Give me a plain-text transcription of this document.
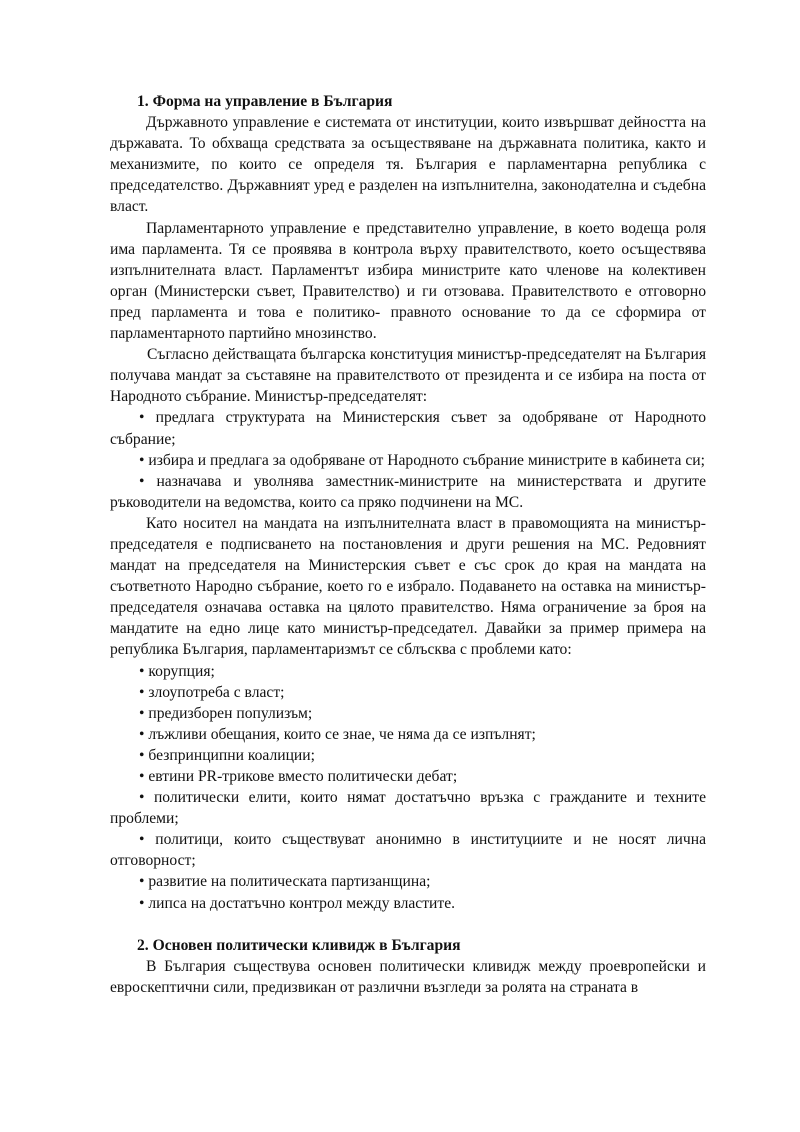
1. Форма на управление в България

Държавното управление е системата от институции, които извършват дейността на държавата. То обхваща средствата за осъществяване на държавната политика, както и механизмите, по които се определя тя. България е парламентарна република с председателство. Държавният уред е разделен на изпълнителна, законодателна и съдебна власт.

Парламентарното управление е представително управление, в което водеща роля има парламента. Тя се проявява в контрола върху правителството, което осъществява изпълнителната власт. Парламентът избира министрите като членове на колективен орган (Министерски съвет, Правителство) и ги отзовава. Правителството е отговорно пред парламента и това е политико- правното основание то да се сформира от парламентарното партийно мнозинство.

Съгласно действащата българска конституция министър-председателят на България получава мандат за съставяне на правителството от президента и се избира на поста от Народното събрание. Министър-председателят:

• предлага структурата на Министерския съвет за одобряване от Народното събрание;

• избира и предлага за одобряване от Народното събрание министрите в кабинета си;

• назначава и уволнява заместник-министрите на министерствата и другите ръководители на ведомства, които са пряко подчинени на МС.

Като носител на мандата на изпълнителната власт в правомощията на министър-председателя е подписването на постановления и други решения на МС. Редовният мандат на председателя на Министерския съвет е със срок до края на мандата на съответното Народно събрание, което го е избрало. Подаването на оставка на министър-председателя означава оставка на цялото правителство. Няма ограничение за броя на мандатите на едно лице като министър-председател. Давайки за пример примера на република България, парламентаризмът се сблъсква с проблеми като:

• корупция;

• злоупотреба с власт;

• предизборен популизъм;

• лъжливи обещания, които се знае, че няма да се изпълнят;

• безпринципни коалиции;

• евтини PR-трикове вместо политически дебат;

• политически елити, които нямат достатъчно връзка с гражданите и техните проблеми;

• политици, които съществуват анонимно в институциите и не носят лична отговорност;

• развитие на политическата партизанщина;

• липса на достатъчно контрол между властите.

2. Основен политически кливидж в България

В България съществува основен политически кливидж между проевропейски и евроскептични сили, предизвикан от различни възгледи за ролята на страната в
